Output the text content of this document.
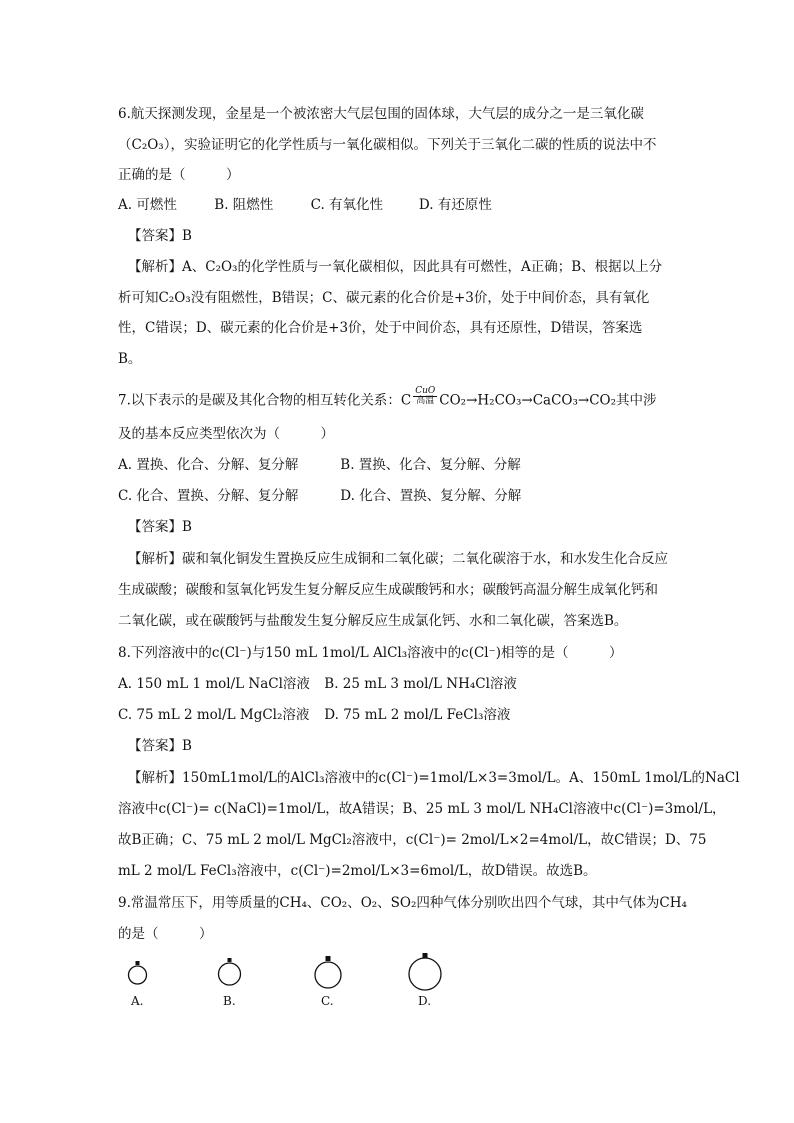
6.航天探测发现，金星是一个被浓密大气层包围的固体球，大气层的成分之一是三氧化碳
（C₂O₃），实验证明它的化学性质与一氧化碳相似。下列关于三氧化二碳的性质的说法中不
正确的是（　　　）
A. 可燃性	B. 阻燃性	C. 有氧化性	D. 有还原性
【答案】B
【解析】A、C₂O₃的化学性质与一氧化碳相似，因此具有可燃性，A正确；B、根据以上分
析可知C₂O₃没有阻燃性，B错误；C、碳元素的化合价是+3价，处于中间价态，具有氧化
性，C错误；D、碳元素的化合价是+3价，处于中间价态，具有还原性，D错误，答案选
B。
7.以下表示的是碳及其化合物的相互转化关系：C
CuO
高温 CO₂→H₂CO₃→CaCO₃→CO₂其中涉
及的基本反应类型依次为（　　　）
A. 置换、化合、分解、复分解	B. 置换、化合、复分解、分解
C. 化合、置换、分解、复分解	D. 化合、置换、复分解、分解
【答案】B
【解析】碳和氧化铜发生置换反应生成铜和二氧化碳；二氧化碳溶于水，和水发生化合反应
生成碳酸；碳酸和氢氧化钙发生复分解反应生成碳酸钙和水；碳酸钙高温分解生成氧化钙和
二氧化碳，或在碳酸钙与盐酸发生复分解反应生成氯化钙、水和二氧化碳，答案选B。
8.下列溶液中的c(Cl⁻)与150 mL 1mol/L AlCl₃溶液中的c(Cl⁻)相等的是（　　　）
A. 150 mL 1 mol/L NaCl溶液 B. 25 mL 3 mol/L NH₄Cl溶液
C. 75 mL 2 mol/L MgCl₂溶液 D. 75 mL 2 mol/L FeCl₃溶液
【答案】B
【解析】150mL1mol/L的AlCl₃溶液中的c(Cl⁻)=1mol/L×3=3mol/L。A、150mL 1mol/L的NaCl
溶液中c(Cl⁻)= c(NaCl)=1mol/L，故A错误；B、25 mL 3 mol/L NH₄Cl溶液中c(Cl⁻)=3mol/L，
故B正确；C、75 mL 2 mol/L MgCl₂溶液中，c(Cl⁻)= 2mol/L×2=4mol/L，故C错误；D、75
mL 2 mol/L FeCl₃溶液中，c(Cl⁻)=2mol/L×3=6mol/L，故D错误。故选B。
9.常温常压下，用等质量的CH₄、CO₂、O₂、SO₂四种气体分别吹出四个气球，其中气体为CH₄
的是（　　　）
A.	B.	C.	D.
